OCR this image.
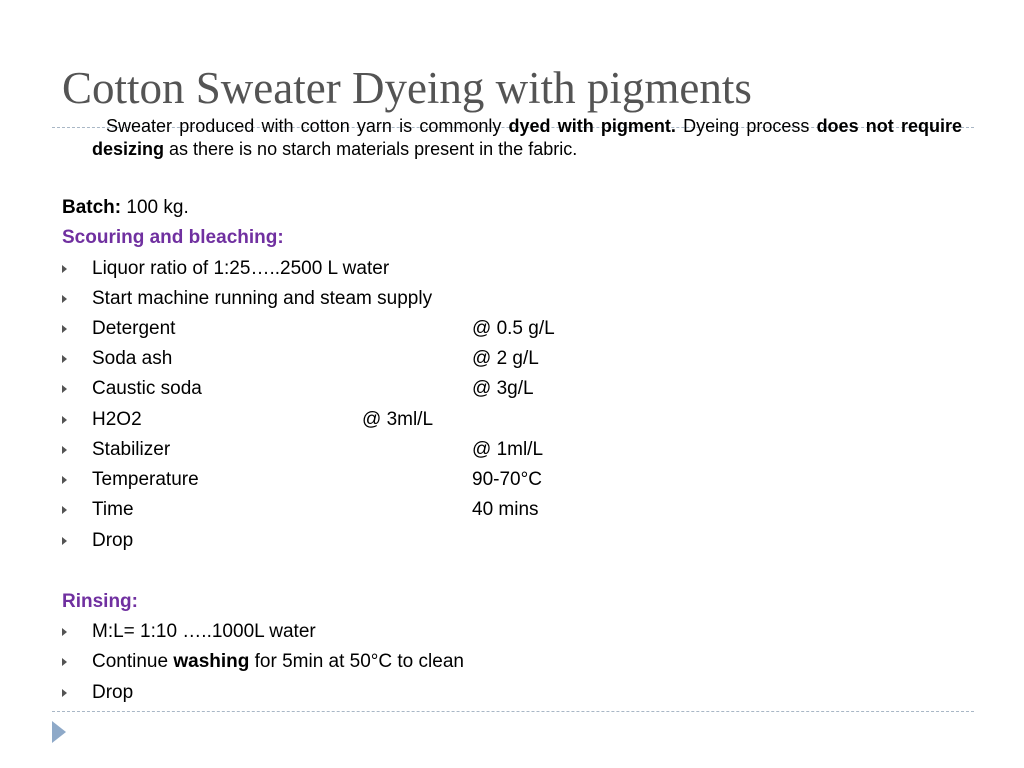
Cotton Sweater Dyeing with pigments

Sweater produced with cotton yarn is commonly dyed with pigment. Dyeing process does not require desizing as there is no starch materials present in the fabric.

Batch: 100 kg.
Scouring and bleaching:
Liquor ratio of 1:25…..2500 L water
Start machine running and steam supply
Detergent	@ 0.5 g/L
Soda ash	@ 2 g/L
Caustic soda	@ 3g/L
H2O2	@ 3ml/L
Stabilizer	@ 1ml/L
Temperature	90-70°C
Time	40 mins
Drop
Rinsing:
M:L= 1:10 …..1000L water
Continue washing for 5min at 50°C to clean
Drop
